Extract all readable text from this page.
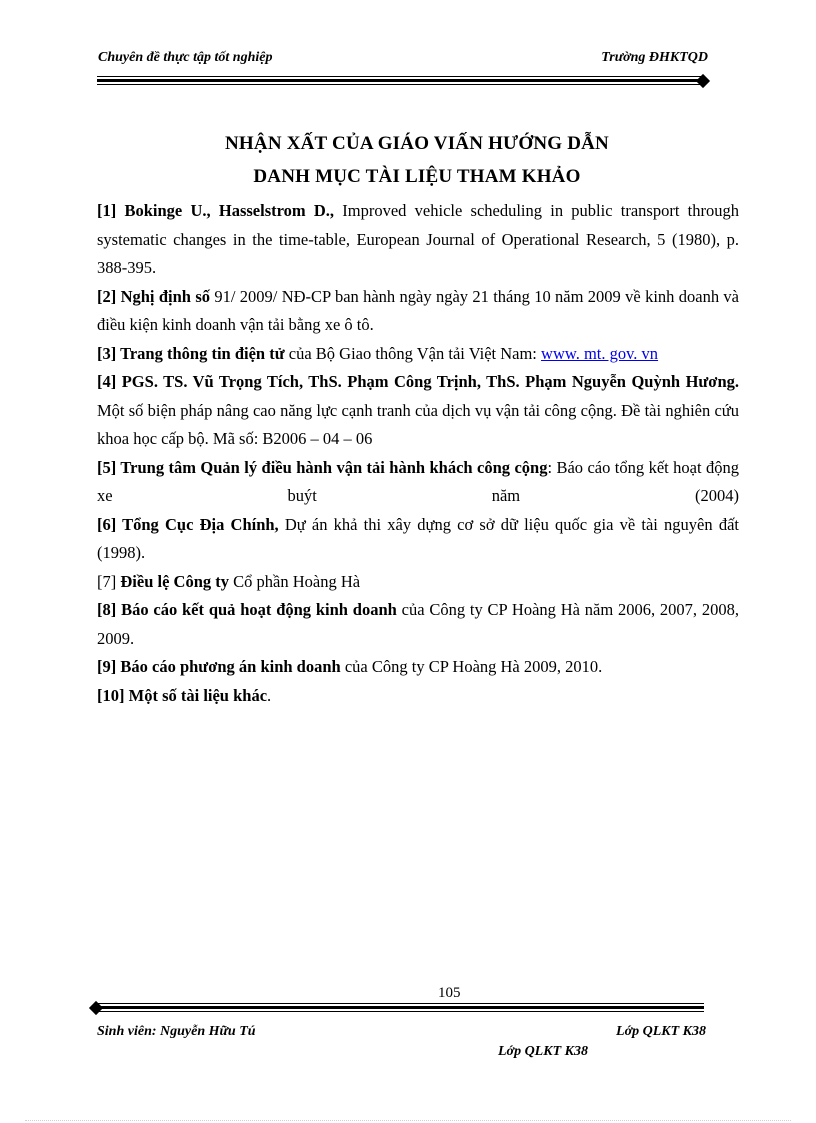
Chuyên đề thực tập tốt nghiệp	Trường ĐHKTQD
NHẬN XẤT CỦA GIÁO VIẤN HƯỚNG DẪN
DANH MỤC TÀI LIỆU THAM KHẢO

[1] Bokinge U., Hasselstrom D., Improved vehicle scheduling in public transport through systematic changes in the time-table, European Journal of Operational Research, 5 (1980), p. 388-395.

[2] Nghị định số 91/ 2009/ NĐ-CP ban hành ngày ngày 21 tháng 10 năm 2009 về kinh doanh và điều kiện kinh doanh vận tải bằng xe ô tô.

[3] Trang thông tin điện tử của Bộ Giao thông Vận tải Việt Nam: www. mt. gov. vn

[4] PGS. TS. Vũ Trọng Tích, ThS. Phạm Công Trịnh, ThS. Phạm Nguyễn Quỳnh Hương. Một số biện pháp nâng cao năng lực cạnh tranh của dịch vụ vận tải công cộng. Đề tài nghiên cứu khoa học cấp bộ. Mã số: B2006 – 04 – 06

[5] Trung tâm Quản lý điều hành vận tải hành khách công cộng: Báo cáo tổng kết hoạt động xe buýt năm (2004)

[6] Tổng Cục Địa Chính, Dự án khả thi xây dựng cơ sở dữ liệu quốc gia về tài nguyên đất (1998).

[7] Điều lệ Công ty Cổ phần Hoàng Hà

[8] Báo cáo kết quả hoạt động kinh doanh của Công ty CP Hoàng Hà năm 2006, 2007, 2008, 2009.

[9] Báo cáo phương án kinh doanh của Công ty CP Hoàng Hà 2009, 2010.

[10] Một số tài liệu khác.

105
Sinh viên: Nguyễn Hữu Tú	Lớp QLKT K38
Lớp QLKT K38
